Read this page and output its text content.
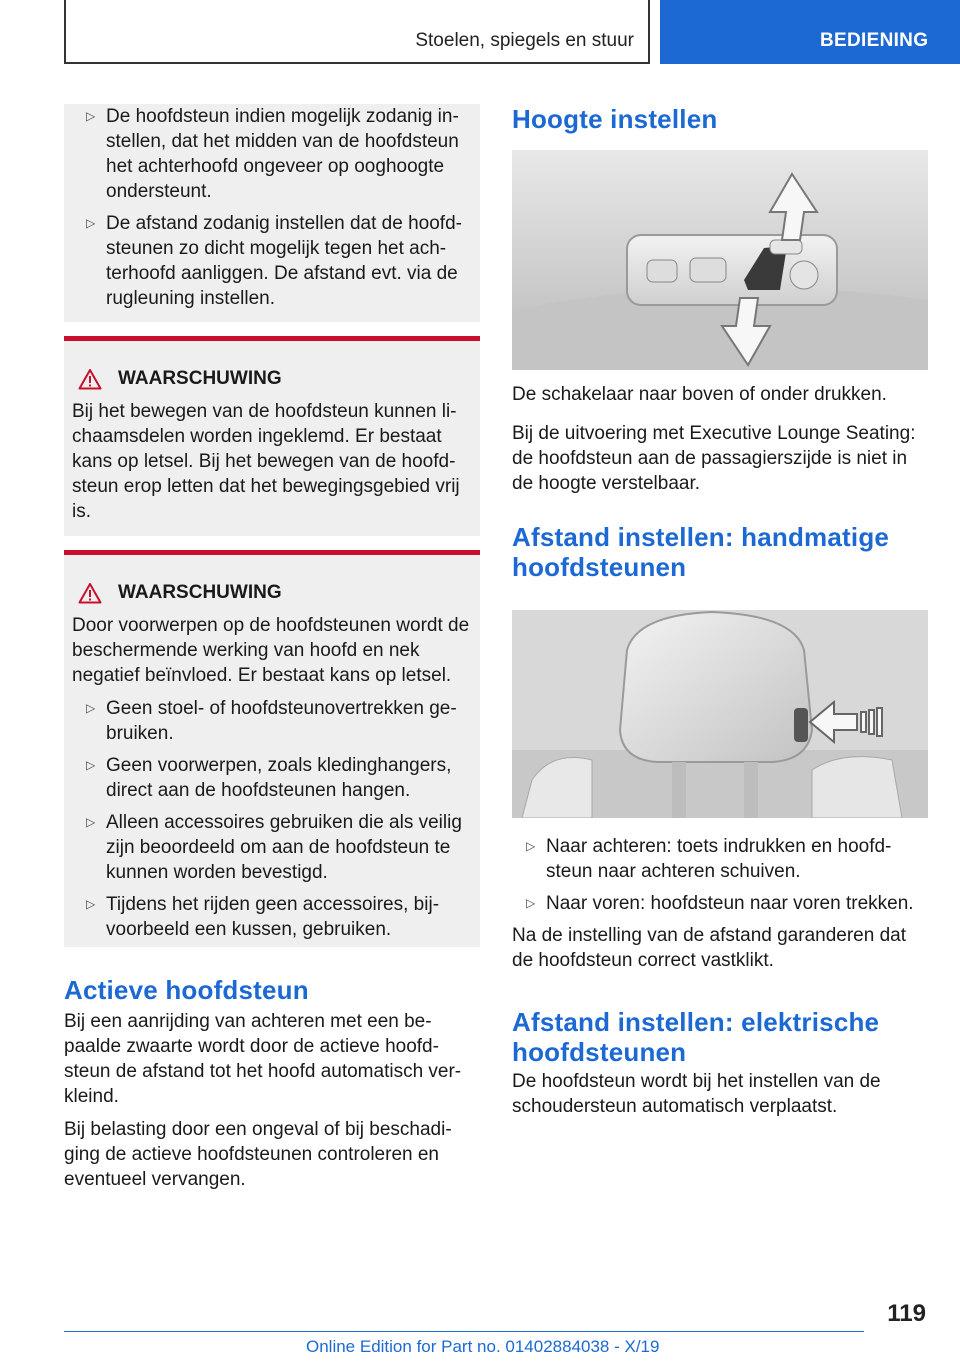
Stoelen, spiegels en stuur	BEDIENING
▷ De hoofdsteun indien mogelijk zodanig in-stellen, dat het midden van de hoofdsteun het achterhoofd ongeveer op ooghoogte ondersteunt.
▷ De afstand zodanig instellen dat de hoofd-steunen zo dicht mogelijk tegen het ach-terhoofd aanliggen. De afstand evt. via de rugleuning instellen.
WAARSCHUWING

Bij het bewegen van de hoofdsteun kunnen li-chaamsdelen worden ingeklemd. Er bestaat kans op letsel. Bij het bewegen van de hoofd-steun erop letten dat het bewegingsgebied vrij is.

WAARSCHUWING

Door voorwerpen op de hoofdsteunen wordt de beschermende werking van hoofd en nek negatief beïnvloed. Er bestaat kans op letsel.

▷ Geen stoel- of hoofdsteunovertrekken ge-bruiken.
▷ Geen voorwerpen, zoals kledinghangers, direct aan de hoofdsteunen hangen.
▷ Alleen accessoires gebruiken die als veilig zijn beoordeeld om aan de hoofdsteun te kunnen worden bevestigd.
▷ Tijdens het rijden geen accessoires, bij-voorbeeld een kussen, gebruiken.
Actieve hoofdsteun

Bij een aanrijding van achteren met een be-paalde zwaarte wordt door de actieve hoofd-steun de afstand tot het hoofd automatisch ver-kleind.

Bij belasting door een ongeval of bij beschadi-ging de actieve hoofdsteunen controleren en eventueel vervangen.

Hoogte instellen

De schakelaar naar boven of onder drukken.

Bij de uitvoering met Executive Lounge Seating: de hoofdsteun aan de passagierszijde is niet in de hoogte verstelbaar.

Afstand instellen: handmatige hoofdsteunen
▷ Naar achteren: toets indrukken en hoofd-steun naar achteren schuiven.
▷ Naar voren: hoofdsteun naar voren trekken.

Na de instelling van de afstand garanderen dat de hoofdsteun correct vastklikt.

Afstand instellen: elektrische hoofdsteunen

De hoofdsteun wordt bij het instellen van de schoudersteun automatisch verplaatst.

119
Online Edition for Part no. 01402884038 - X/19
